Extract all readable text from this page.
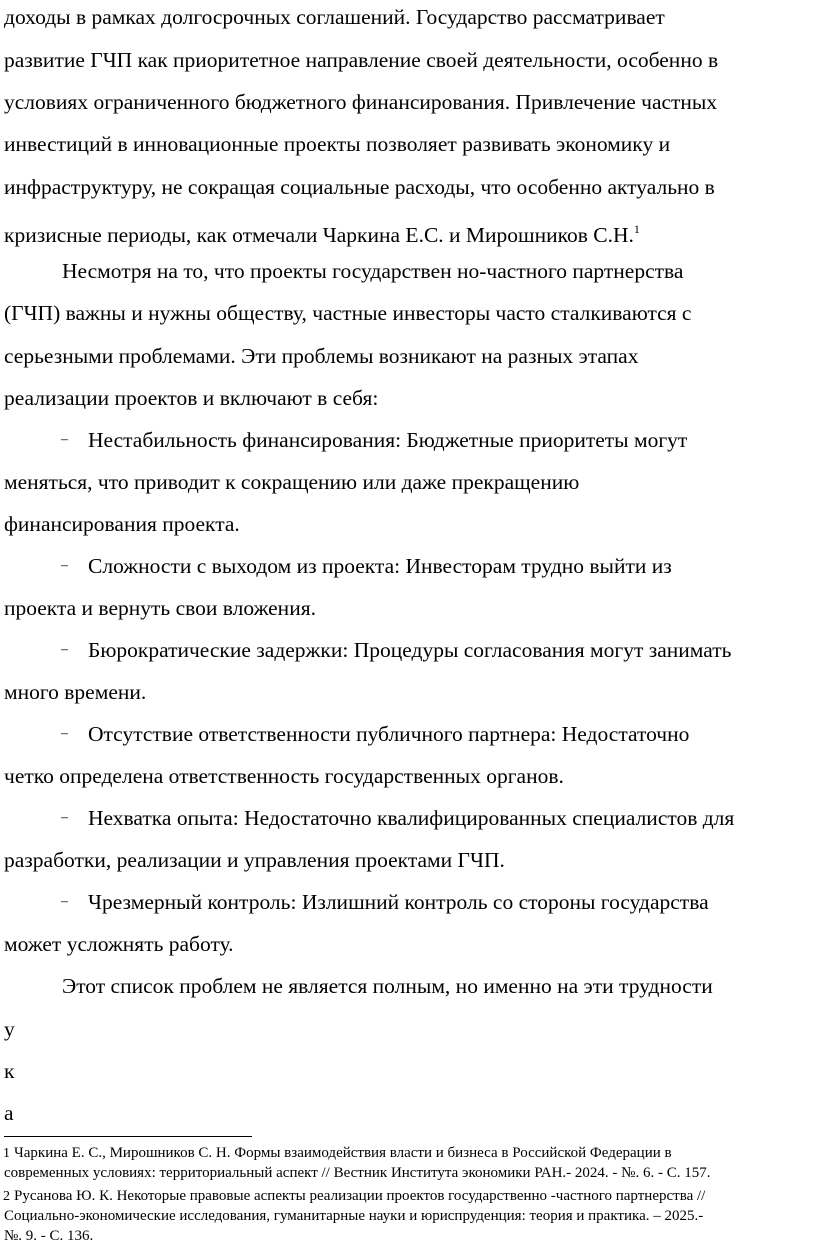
доходы в рамках долгосрочных соглашений. Государство рассматривает
развитие ГЧП как приоритетное направление своей деятельности, особенно в
условиях ограниченного бюджетного финансирования. Привлечение частных
инвестиций в инновационные проекты позволяет развивать экономику и
инфраструктуру, не сокращая социальные расходы, что особенно актуально в
кризисные периоды, как отмечали Чаркина Е.С. и Мирошников С.Н.$^1$
Несмотря на то, что проекты государствен но-частного партнерства
(ГЧП) важны и нужны обществу, частные инвесторы часто сталкиваются с
серьезными проблемами. Эти проблемы возникают на разных этапах
реализации проектов и включают в себя:
– Нестабильность финансирования: Бюджетные приоритеты могут
меняться, что приводит к сокращению или даже прекращению
финансирования проекта.
– Сложности с выходом из проекта: Инвесторам трудно выйти из
проекта и вернуть свои вложения.
– Бюрократические задержки: Процедуры согласования могут занимать
много времени.
– Отсутствие ответственности публичного партнера: Недостаточно
четко определена ответственность государственных органов.
– Нехватка опыта: Недостаточно квалифицированных специалистов для
разработки, реализации и управления проектами ГЧП.
– Чрезмерный контроль: Излишний контроль со стороны государства
может усложнять работу.
Этот список проблем не является полным, но именно на эти трудности
у
к
а
1 Чаркина Е. С., Мирошников С. Н. Формы взаимодействия власти и бизнеса в Российской Федерации в
современных условиях: территориальный аспект // Вестник Института экономики РАН.- 2024. - №. 6. - С. 157.
2 Русанова Ю. К. Некоторые правовые аспекты реализации проектов государственно -частного партнерства //
Социально-экономические исследования, гуманитарные науки и юриспруденция: теория и практика. – 2025.-
№. 9. - С. 136.
